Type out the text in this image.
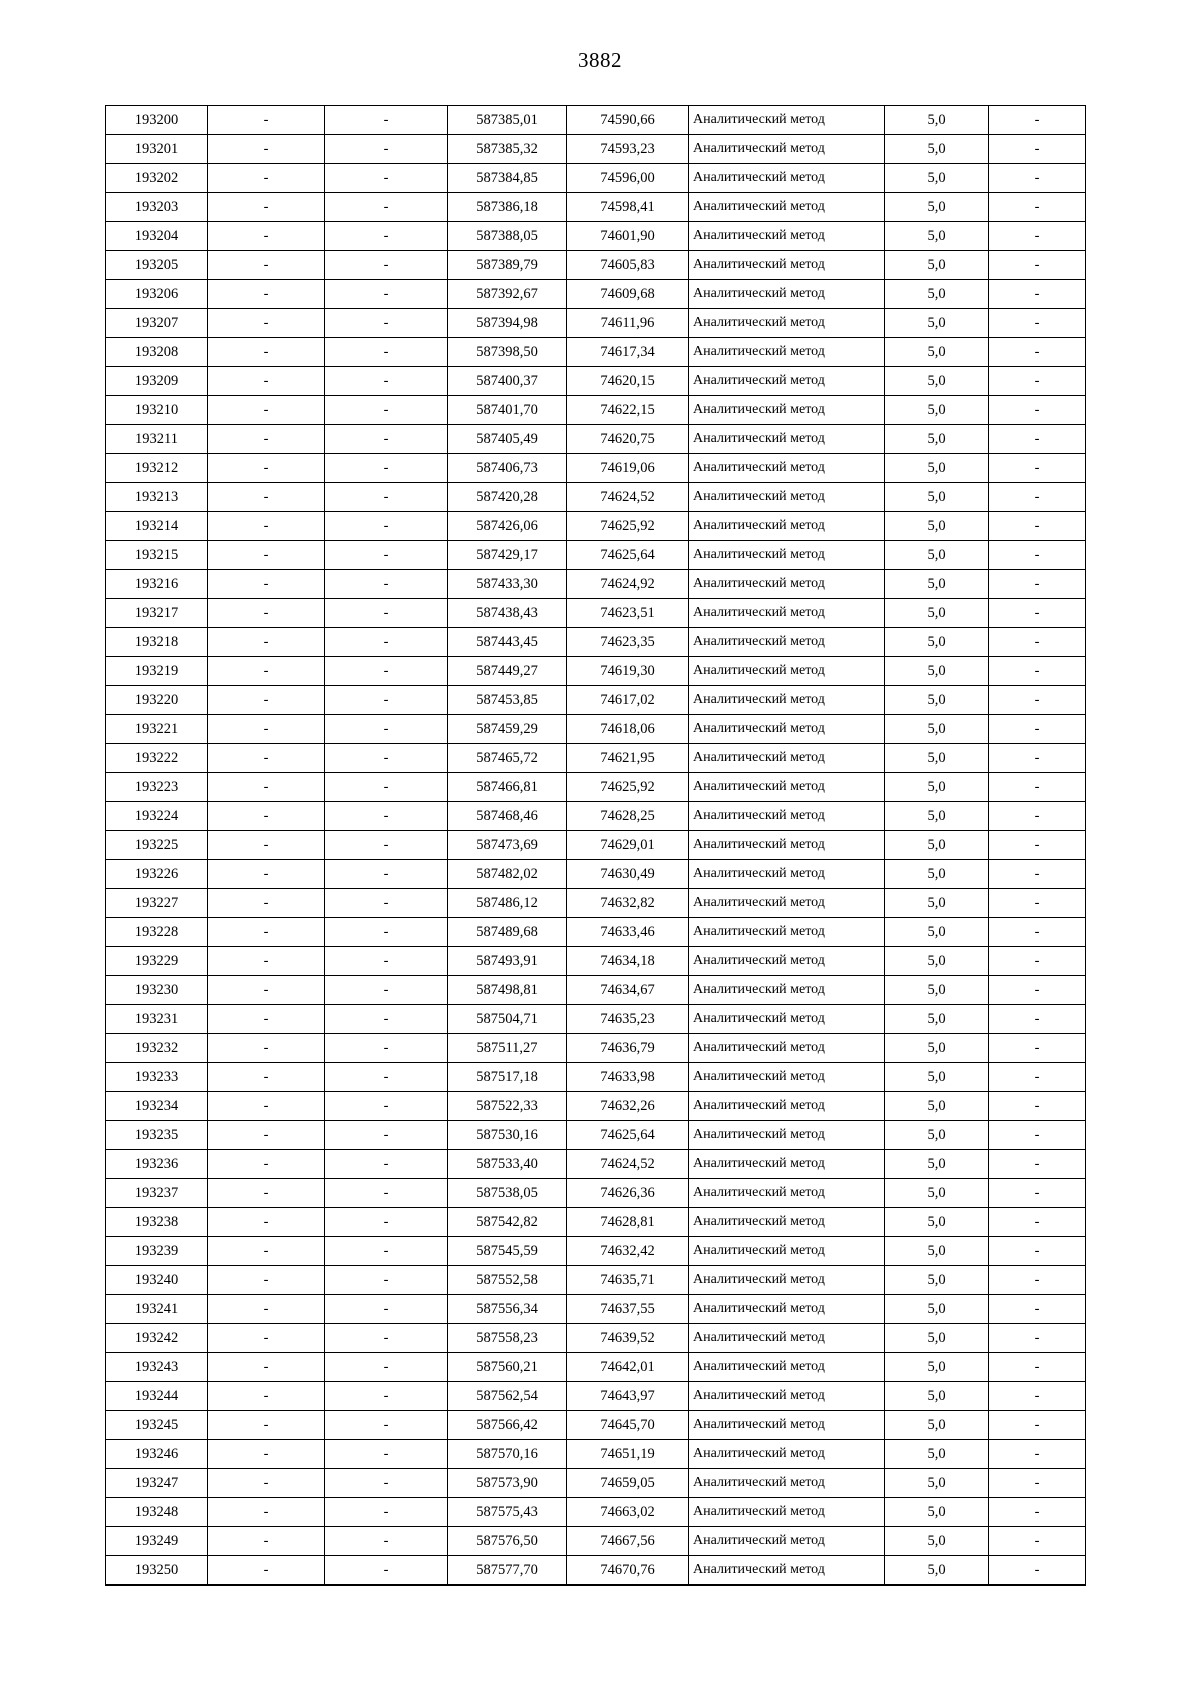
3882
193200	-	-	587385,01	74590,66	Аналитический метод	5,0	-
193201	-	-	587385,32	74593,23	Аналитический метод	5,0	-
193202	-	-	587384,85	74596,00	Аналитический метод	5,0	-
193203	-	-	587386,18	74598,41	Аналитический метод	5,0	-
193204	-	-	587388,05	74601,90	Аналитический метод	5,0	-
193205	-	-	587389,79	74605,83	Аналитический метод	5,0	-
193206	-	-	587392,67	74609,68	Аналитический метод	5,0	-
193207	-	-	587394,98	74611,96	Аналитический метод	5,0	-
193208	-	-	587398,50	74617,34	Аналитический метод	5,0	-
193209	-	-	587400,37	74620,15	Аналитический метод	5,0	-
193210	-	-	587401,70	74622,15	Аналитический метод	5,0	-
193211	-	-	587405,49	74620,75	Аналитический метод	5,0	-
193212	-	-	587406,73	74619,06	Аналитический метод	5,0	-
193213	-	-	587420,28	74624,52	Аналитический метод	5,0	-
193214	-	-	587426,06	74625,92	Аналитический метод	5,0	-
193215	-	-	587429,17	74625,64	Аналитический метод	5,0	-
193216	-	-	587433,30	74624,92	Аналитический метод	5,0	-
193217	-	-	587438,43	74623,51	Аналитический метод	5,0	-
193218	-	-	587443,45	74623,35	Аналитический метод	5,0	-
193219	-	-	587449,27	74619,30	Аналитический метод	5,0	-
193220	-	-	587453,85	74617,02	Аналитический метод	5,0	-
193221	-	-	587459,29	74618,06	Аналитический метод	5,0	-
193222	-	-	587465,72	74621,95	Аналитический метод	5,0	-
193223	-	-	587466,81	74625,92	Аналитический метод	5,0	-
193224	-	-	587468,46	74628,25	Аналитический метод	5,0	-
193225	-	-	587473,69	74629,01	Аналитический метод	5,0	-
193226	-	-	587482,02	74630,49	Аналитический метод	5,0	-
193227	-	-	587486,12	74632,82	Аналитический метод	5,0	-
193228	-	-	587489,68	74633,46	Аналитический метод	5,0	-
193229	-	-	587493,91	74634,18	Аналитический метод	5,0	-
193230	-	-	587498,81	74634,67	Аналитический метод	5,0	-
193231	-	-	587504,71	74635,23	Аналитический метод	5,0	-
193232	-	-	587511,27	74636,79	Аналитический метод	5,0	-
193233	-	-	587517,18	74633,98	Аналитический метод	5,0	-
193234	-	-	587522,33	74632,26	Аналитический метод	5,0	-
193235	-	-	587530,16	74625,64	Аналитический метод	5,0	-
193236	-	-	587533,40	74624,52	Аналитический метод	5,0	-
193237	-	-	587538,05	74626,36	Аналитический метод	5,0	-
193238	-	-	587542,82	74628,81	Аналитический метод	5,0	-
193239	-	-	587545,59	74632,42	Аналитический метод	5,0	-
193240	-	-	587552,58	74635,71	Аналитический метод	5,0	-
193241	-	-	587556,34	74637,55	Аналитический метод	5,0	-
193242	-	-	587558,23	74639,52	Аналитический метод	5,0	-
193243	-	-	587560,21	74642,01	Аналитический метод	5,0	-
193244	-	-	587562,54	74643,97	Аналитический метод	5,0	-
193245	-	-	587566,42	74645,70	Аналитический метод	5,0	-
193246	-	-	587570,16	74651,19	Аналитический метод	5,0	-
193247	-	-	587573,90	74659,05	Аналитический метод	5,0	-
193248	-	-	587575,43	74663,02	Аналитический метод	5,0	-
193249	-	-	587576,50	74667,56	Аналитический метод	5,0	-
193250	-	-	587577,70	74670,76	Аналитический метод	5,0	-
